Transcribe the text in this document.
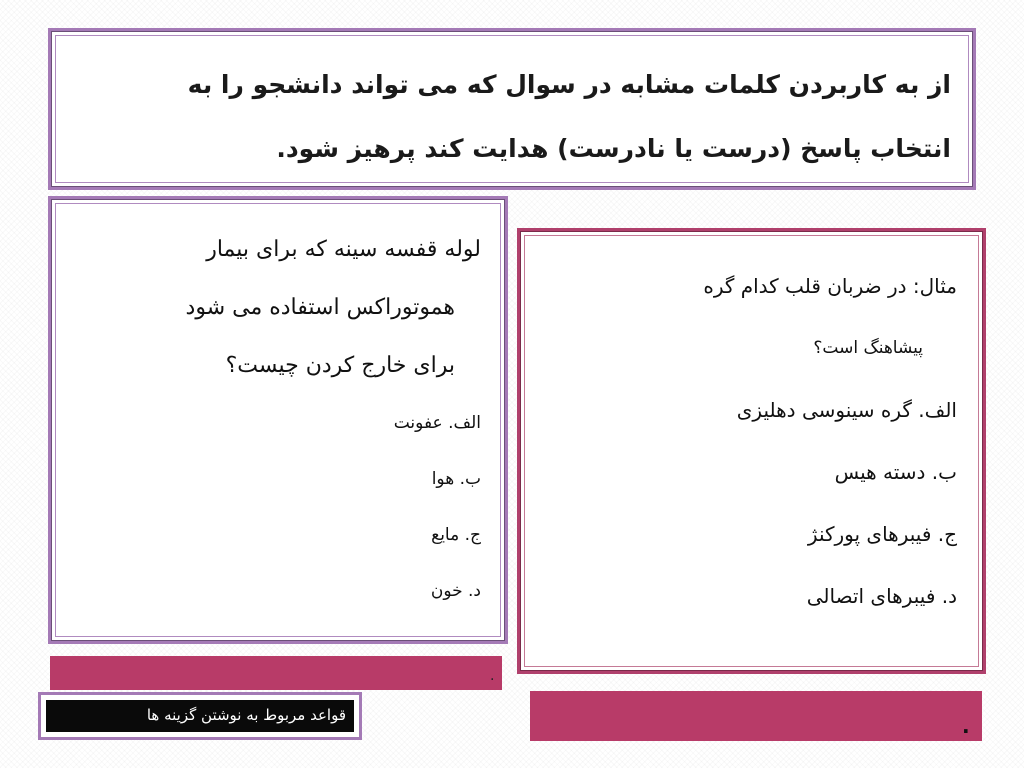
از به کاربردن کلمات مشابه در سوال که می تواند دانشجو را به
انتخاب پاسخ (درست یا نادرست) هدایت کند پرهیز شود.
لوله قفسه سینه که برای بیمار
هموتوراکس استفاده می شود
برای خارج کردن چیست؟
الف. عفونت
ب. هوا
ج. مایع
د. خون
مثال: در ضربان قلب کدام گره
پیشاهنگ است؟
الف. گره سینوسی دهلیزی
ب. دسته هیس
ج. فیبرهای پورکنژ
د. فیبرهای اتصالی
.
.
قواعد مربوط به نوشتن گزینه ها
